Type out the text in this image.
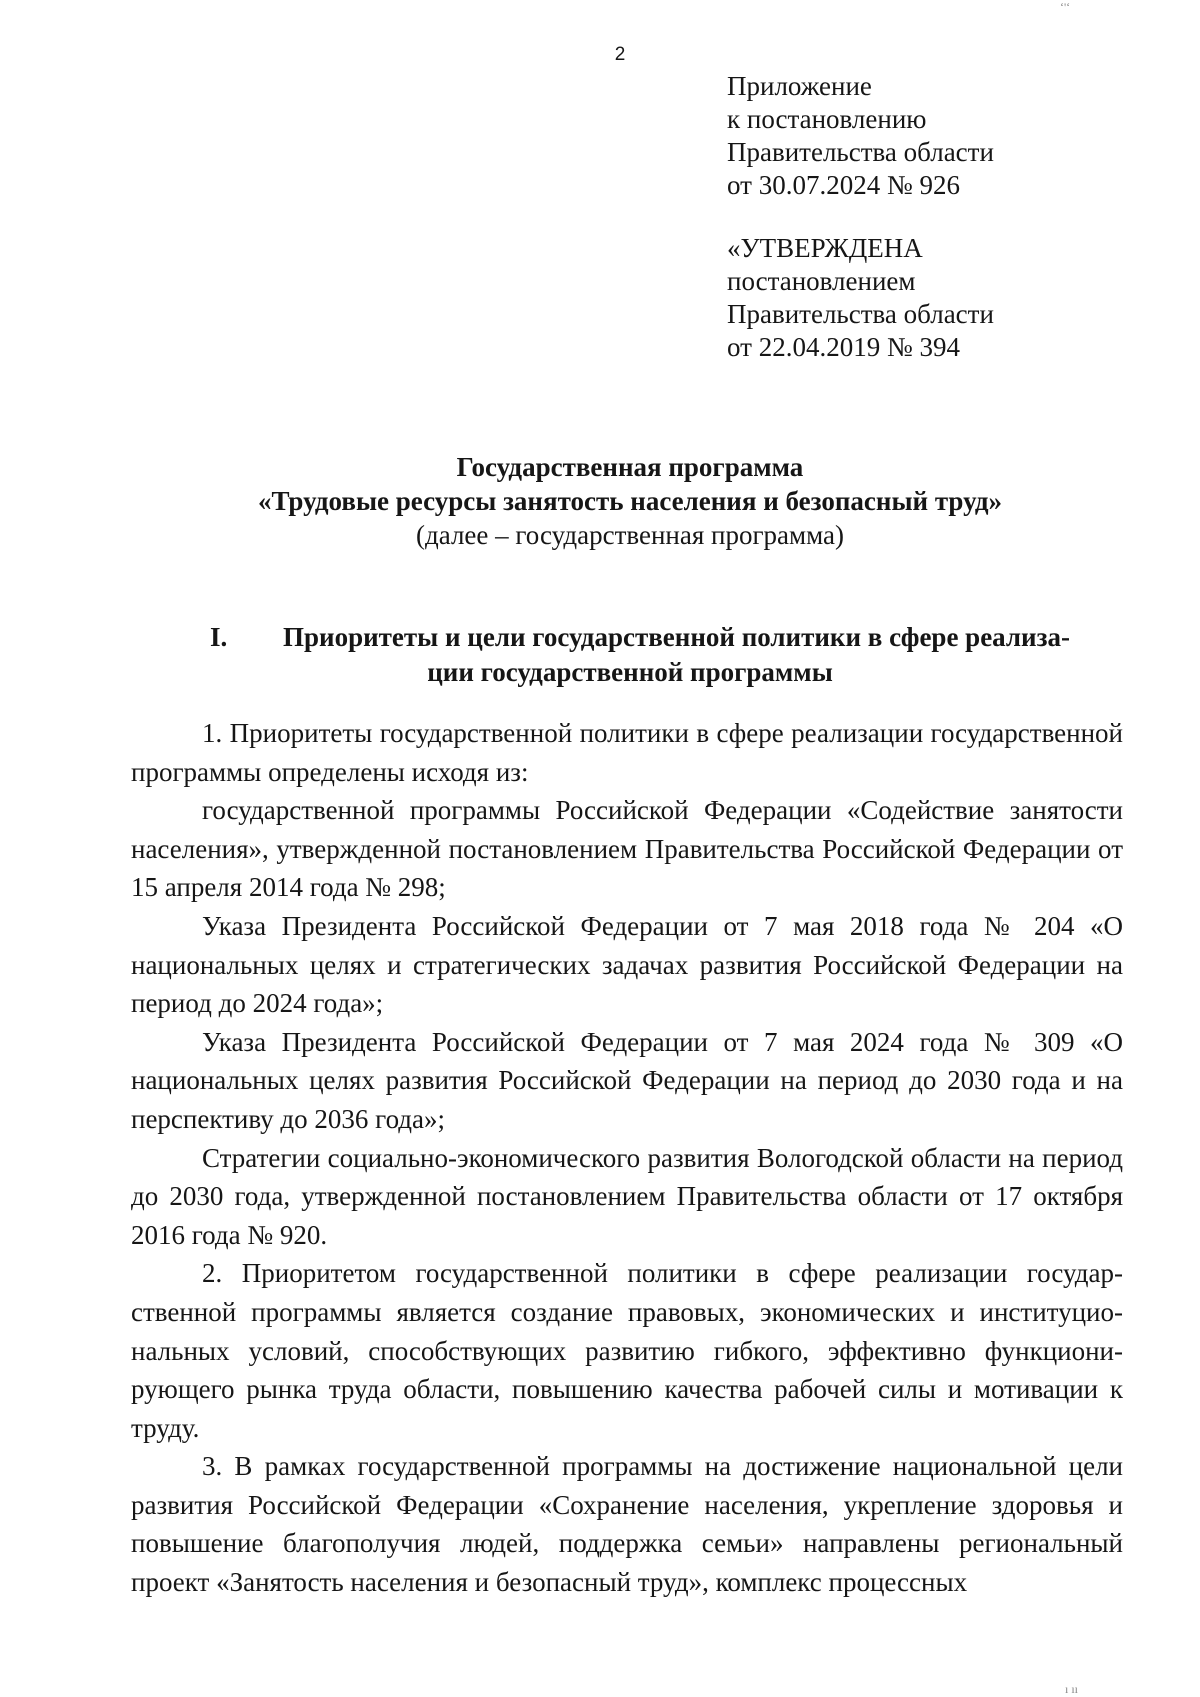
2
Приложение
к постановлению
Правительства области
от 30.07.2024 № 926
«УТВЕРЖДЕНА
постановлением
Правительства области
от 22.04.2019 № 394
Государственная программа
«Трудовые ресурсы занятость населения и безопасный труд»
(далее – государственная программа)
I. Приоритеты и цели государственной политики в сфере реализа-
ции государственной программы

1. Приоритеты государственной политики в сфере реализации государственной программы определены исходя из:

государственной программы Российской Федерации «Содействие занятости населения», утвержденной постановлением Правительства Российской Федерации от 15 апреля 2014 года № 298;

Указа Президента Российской Федерации от 7 мая 2018 года № 204 «О национальных целях и стратегических задачах развития Российской Федерации на период до 2024 года»;

Указа Президента Российской Федерации от 7 мая 2024 года № 309 «О национальных целях развития Российской Федерации на период до 2030 года и на перспективу до 2036 года»;

Стратегии социально-экономического развития Вологодской области на период до 2030 года, утвержденной постановлением Правительства области от 17 октября 2016 года № 920.

2. Приоритетом государственной политики в сфере реализации государственной программы является создание правовых, экономических и институциональных условий, способствующих развитию гибкого, эффективно функционирующего рынка труда области, повышению качества рабочей силы и мотивации к труду.

3. В рамках государственной программы на достижение национальной цели развития Российской Федерации «Сохранение населения, укрепление здоровья и повышение благополучия людей, поддержка семьи» направлены региональный проект «Занятость населения и безопасный труд», комплекс процессных

ʻ'ʻ
ı ıı
